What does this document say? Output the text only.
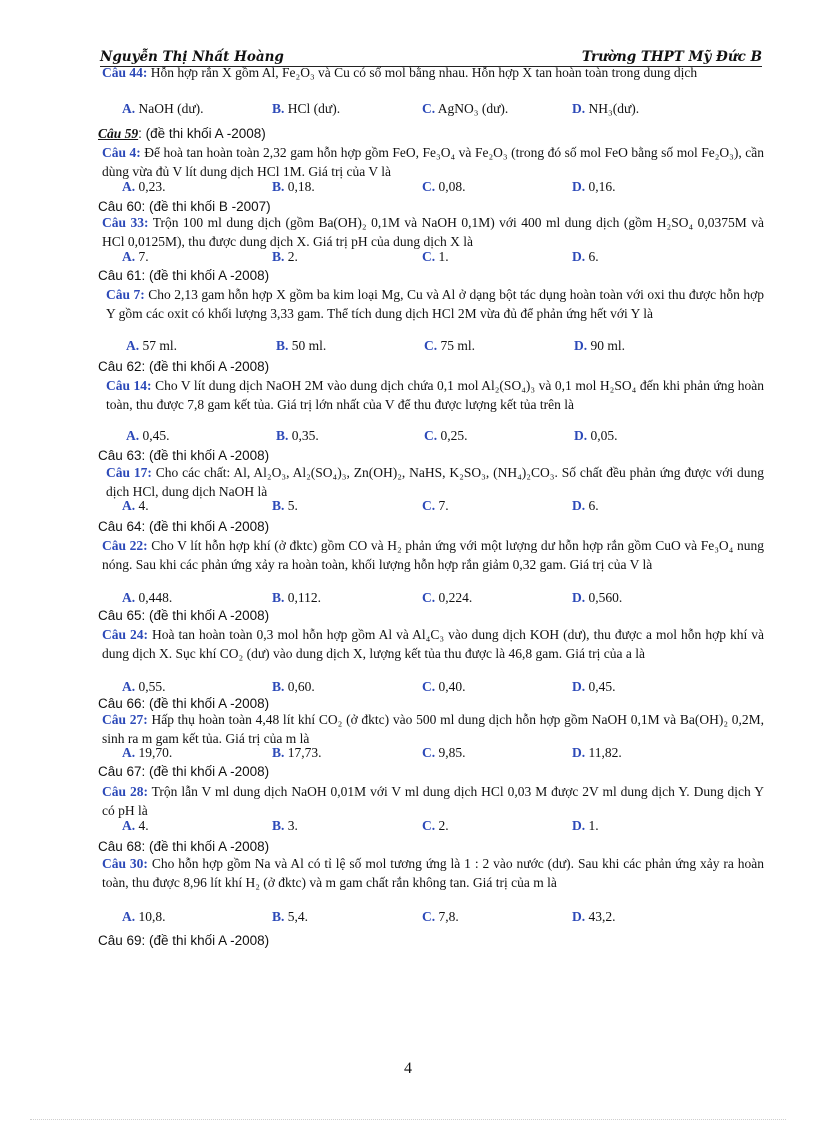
Nguyễn Thị Nhất Hoàng	Trường THPT Mỹ Đức B
Câu 44: Hỗn hợp rắn X gồm Al, Fe₂O₃ và Cu có số mol bằng nhau. Hỗn hợp X tan hoàn toàn trong dung dịch
A. NaOH (dư).	B. HCl (dư).	C. AgNO₃ (dư).	D. NH₃(dư).
Câu 59: (đề thi khối A -2008)
Câu 4: Để hoà tan hoàn toàn 2,32 gam hỗn hợp gồm FeO, Fe₃O₄ và Fe₂O₃ (trong đó số mol FeO bằng số mol Fe₂O₃), cần dùng vừa đủ V lít dung dịch HCl 1M. Giá trị của V là
A. 0,23.	B. 0,18.	C. 0,08.	D. 0,16.
Câu 60: (đề thi khối B -2007)
Câu 33: Trộn 100 ml dung dịch (gồm Ba(OH)₂ 0,1M và NaOH 0,1M) với 400 ml dung dịch (gồm H₂SO₄ 0,0375M và HCl 0,0125M), thu được dung dịch X. Giá trị pH của dung dịch X là
A. 7.	B. 2.	C. 1.	D. 6.
Câu 61: (đề thi khối A -2008)
Câu 7: Cho 2,13 gam hỗn hợp X gồm ba kim loại Mg, Cu và Al ở dạng bột tác dụng hoàn toàn với oxi thu được hỗn hợp Y gồm các oxit có khối lượng 3,33 gam. Thể tích dung dịch HCl 2M vừa đủ để phản ứng hết với Y là
A. 57 ml.	B. 50 ml.	C. 75 ml.	D. 90 ml.
Câu 62: (đề thi khối A -2008)
Câu 14: Cho V lít dung dịch NaOH 2M vào dung dịch chứa 0,1 mol Al₂(SO₄)₃ và 0,1 mol H₂SO₄ đến khi phản ứng hoàn toàn, thu được 7,8 gam kết tủa. Giá trị lớn nhất của V để thu được lượng kết tủa trên là
A. 0,45.	B. 0,35.	C. 0,25.	D. 0,05.
Câu 63: (đề thi khối A -2008)
Câu 17: Cho các chất: Al, Al₂O₃, Al₂(SO₄)₃, Zn(OH)₂, NaHS, K₂SO₃, (NH₄)₂CO₃. Số chất đều phản ứng được với dung dịch HCl, dung dịch NaOH là
A. 4.	B. 5.	C. 7.	D. 6.
Câu 64: (đề thi khối A -2008)
Câu 22: Cho V lít hỗn hợp khí (ở đktc) gồm CO và H₂ phản ứng với một lượng dư hỗn hợp rắn gồm CuO và Fe₃O₄ nung nóng. Sau khi các phản ứng xảy ra hoàn toàn, khối lượng hỗn hợp rắn giảm 0,32 gam. Giá trị của V là
A. 0,448.	B. 0,112.	C. 0,224.	D. 0,560.
Câu 65: (đề thi khối A -2008)
Câu 24: Hoà tan hoàn toàn 0,3 mol hỗn hợp gồm Al và Al₄C₃ vào dung dịch KOH (dư), thu được a mol hỗn hợp khí và dung dịch X. Sục khí CO₂ (dư) vào dung dịch X, lượng kết tủa thu được là 46,8 gam. Giá trị của a là
A. 0,55.	B. 0,60.	C. 0,40.	D. 0,45.
Câu 66: (đề thi khối A -2008)
Câu 27: Hấp thụ hoàn toàn 4,48 lít khí CO₂ (ở đktc) vào 500 ml dung dịch hỗn hợp gồm NaOH 0,1M và Ba(OH)₂ 0,2M, sinh ra m gam kết tủa. Giá trị của m là
A. 19,70.	B. 17,73.	C. 9,85.	D. 11,82.
Câu 67: (đề thi khối A -2008)
Câu 28: Trộn lẫn V ml dung dịch NaOH 0,01M với V ml dung dịch HCl 0,03 M được 2V ml dung dịch Y. Dung dịch Y có pH là
A. 4.	B. 3.	C. 2.	D. 1.
Câu 68: (đề thi khối A -2008)
Câu 30: Cho hỗn hợp gồm Na và Al có tỉ lệ số mol tương ứng là 1 : 2 vào nước (dư). Sau khi các phản ứng xảy ra hoàn toàn, thu được 8,96 lít khí H₂ (ở đktc) và m gam chất rắn không tan. Giá trị của m là
A. 10,8.	B. 5,4.	C. 7,8.	D. 43,2.
Câu 69: (đề thi khối A -2008)
4
